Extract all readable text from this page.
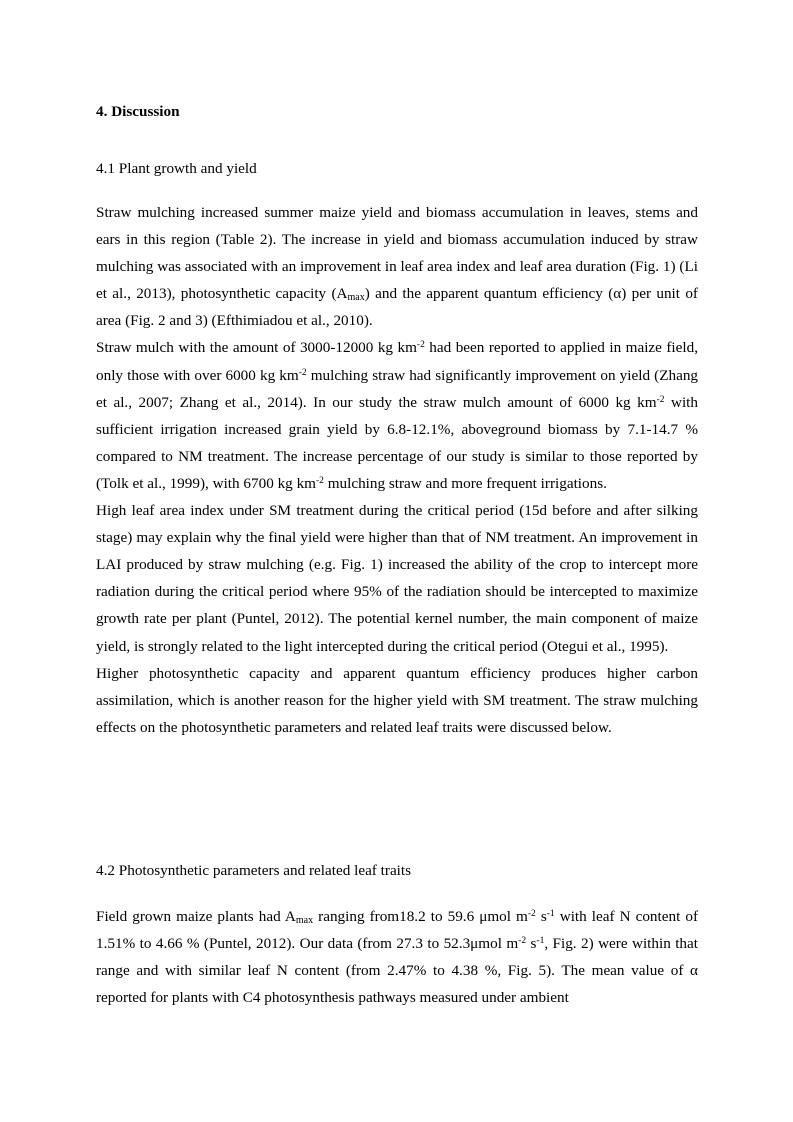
4. Discussion
4.1 Plant growth and yield

Straw mulching increased summer maize yield and biomass accumulation in leaves, stems and ears in this region (Table 2). The increase in yield and biomass accumulation induced by straw mulching was associated with an improvement in leaf area index and leaf area duration (Fig. 1) (Li et al., 2013), photosynthetic capacity $(A_{max})$ and the apparent quantum efficiency (α) per unit of area (Fig. 2 and 3) (Efthimiadou et al., 2010).

Straw mulch with the amount of 3000-12000 kg $km^{-2}$ had been reported to applied in maize field, only those with over 6000 kg $km^{-2}$ mulching straw had significantly improvement on yield (Zhang et al., 2007; Zhang et al., 2014). In our study the straw mulch amount of 6000 kg $km^{-2}$ with sufficient irrigation increased grain yield by 6.8-12.1%, aboveground biomass by 7.1-14.7 % compared to NM treatment. The increase percentage of our study is similar to those reported by (Tolk et al., 1999), with 6700 kg $km^{-2}$ mulching straw and more frequent irrigations.

High leaf area index under SM treatment during the critical period (15d before and after silking stage) may explain why the final yield were higher than that of NM treatment. An improvement in LAI produced by straw mulching (e.g. Fig. 1) increased the ability of the crop to intercept more radiation during the critical period where 95% of the radiation should be intercepted to maximize growth rate per plant (Puntel, 2012). The potential kernel number, the main component of maize yield, is strongly related to the light intercepted during the critical period (Otegui et al., 1995).

Higher photosynthetic capacity and apparent quantum efficiency produces higher carbon assimilation, which is another reason for the higher yield with SM treatment. The straw mulching effects on the photosynthetic parameters and related leaf traits were discussed below.

4.2 Photosynthetic parameters and related leaf traits

Field grown maize plants had $A_{max}$ ranging from18.2 to 59.6 μmol $m^{-2}$ $s^{-1}$ with leaf N content of 1.51% to 4.66 % (Puntel, 2012). Our data (from 27.3 to 52.3μmol $m^{-2}$ $s^{-1}$, Fig. 2) were within that range and with similar leaf N content (from 2.47% to 4.38 %, Fig. 5). The mean value of α reported for plants with C4 photosynthesis pathways measured under ambient
